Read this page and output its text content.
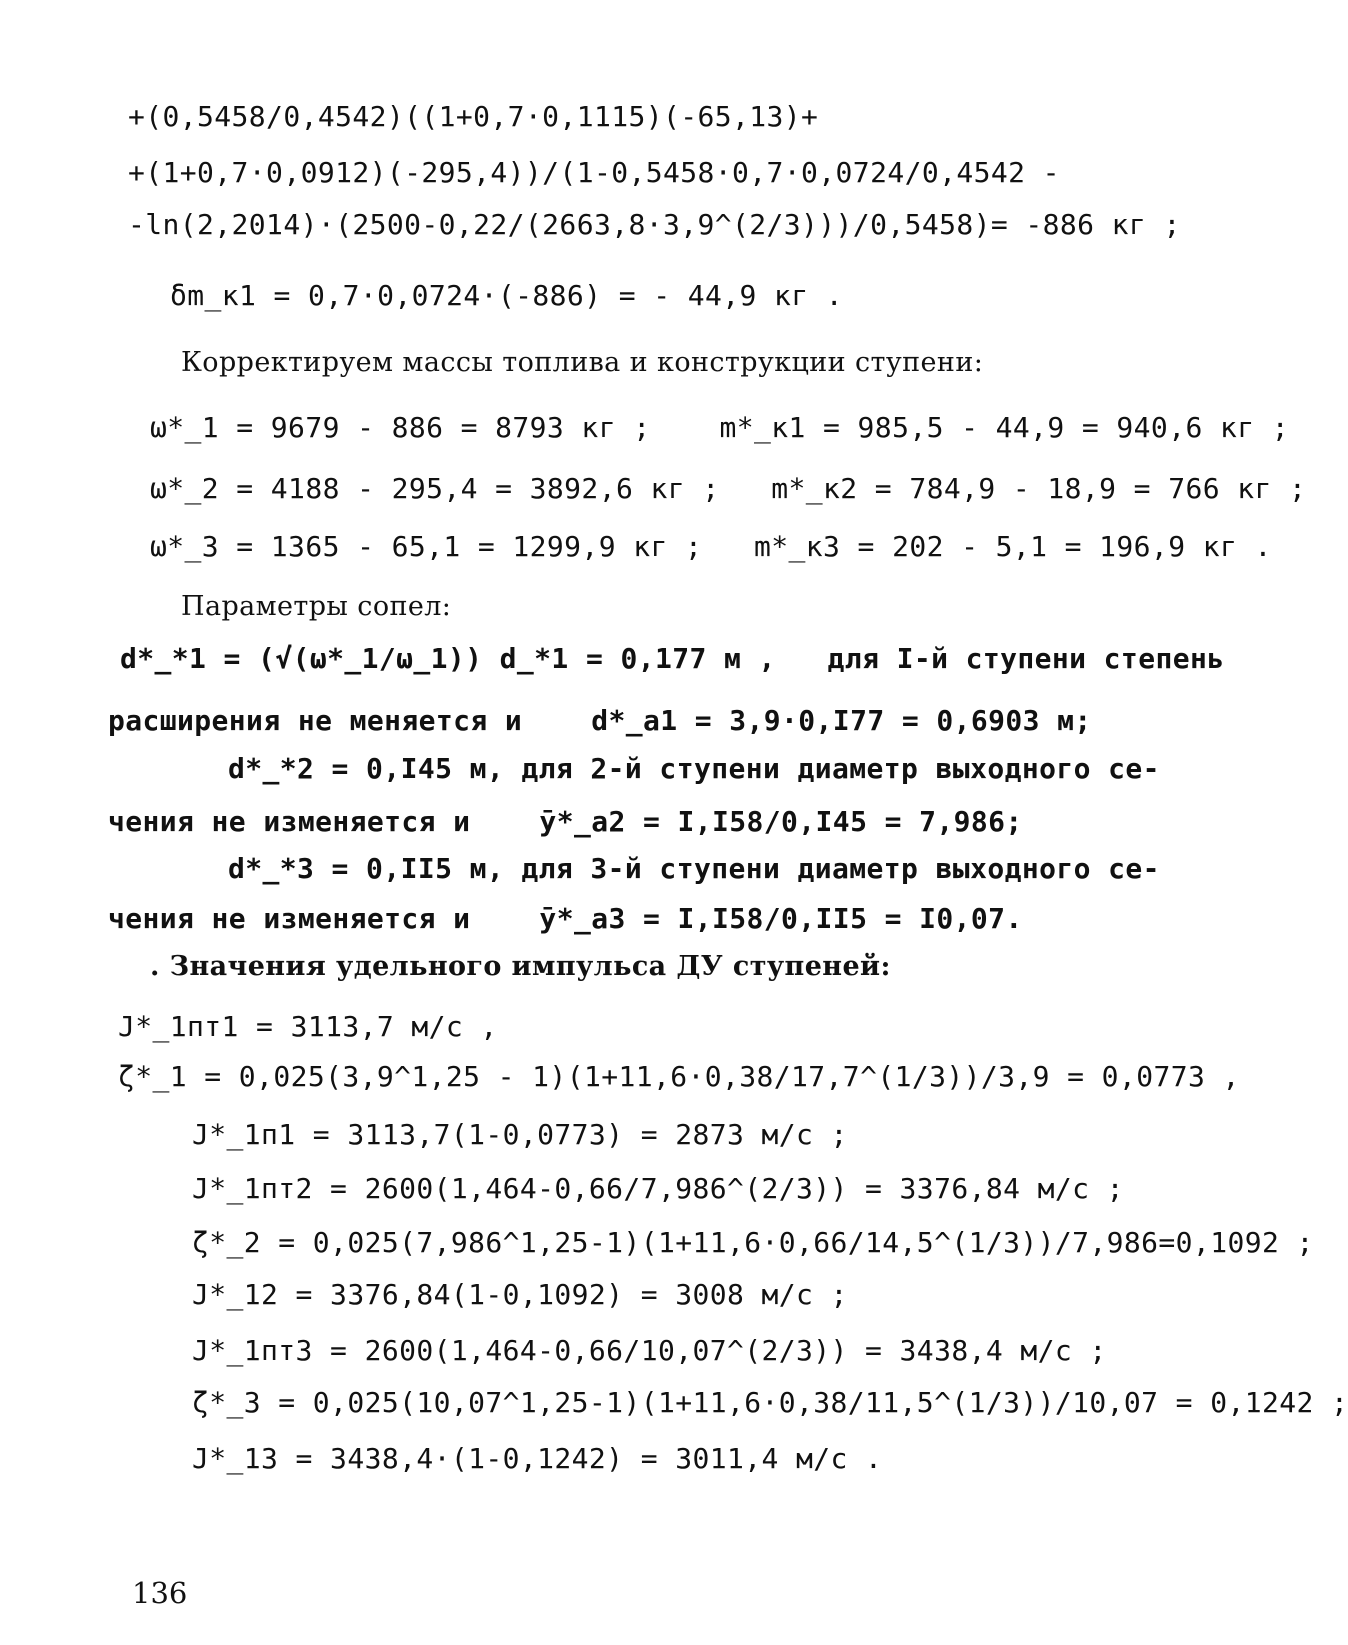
+(0,5458/0,4542)((1+0,7·0,1115)(-65,13)+
+(1+0,7·0,0912)(-295,4))/(1-0,5458·0,7·0,0724/0,4542 -
-ln(2,2014)·(2500-0,22/(2663,8·3,9^(2/3)))/0,5458)= -886 кг ;
δm_к1 = 0,7·0,0724·(-886) = - 44,9 кг .
Корректируем массы топлива и конструкции ступени:
ω*_1 = 9679 - 886 = 8793 кг ;    m*_к1 = 985,5 - 44,9 = 940,6 кг ;
ω*_2 = 4188 - 295,4 = 3892,6 кг ;   m*_к2 = 784,9 - 18,9 = 766 кг ;
ω*_3 = 1365 - 65,1 = 1299,9 кг ;   m*_к3 = 202 - 5,1 = 196,9 кг .
Параметры сопел:
d*_*1 = (√(ω*_1/ω_1)) d_*1 = 0,177 м ,   для I-й ступени степень
расширения не меняется и    d*_a1 = 3,9·0,I77 = 0,6903 м;
d*_*2 = 0,I45 м, для 2-й ступени диаметр выходного се-
чения не изменяется и    ȳ*_a2 = I,I58/0,I45 = 7,986;
d*_*3 = 0,II5 м, для 3-й ступени диаметр выходного се-
чения не изменяется и    ȳ*_a3 = I,I58/0,II5 = I0,07.
. Значения удельного импульса ДУ ступеней:
J*_1пт1 = 3113,7 м/с ,
ζ*_1 = 0,025(3,9^1,25 - 1)(1+11,6·0,38/17,7^(1/3))/3,9 = 0,0773 ,
J*_1п1 = 3113,7(1-0,0773) = 2873 м/с ;
J*_1пт2 = 2600(1,464-0,66/7,986^(2/3)) = 3376,84 м/с ;
ζ*_2 = 0,025(7,986^1,25-1)(1+11,6·0,66/14,5^(1/3))/7,986=0,1092 ;
J*_12 = 3376,84(1-0,1092) = 3008 м/с ;
J*_1пт3 = 2600(1,464-0,66/10,07^(2/3)) = 3438,4 м/с ;
ζ*_3 = 0,025(10,07^1,25-1)(1+11,6·0,38/11,5^(1/3))/10,07 = 0,1242 ;
J*_13 = 3438,4·(1-0,1242) = 3011,4 м/с .
136
